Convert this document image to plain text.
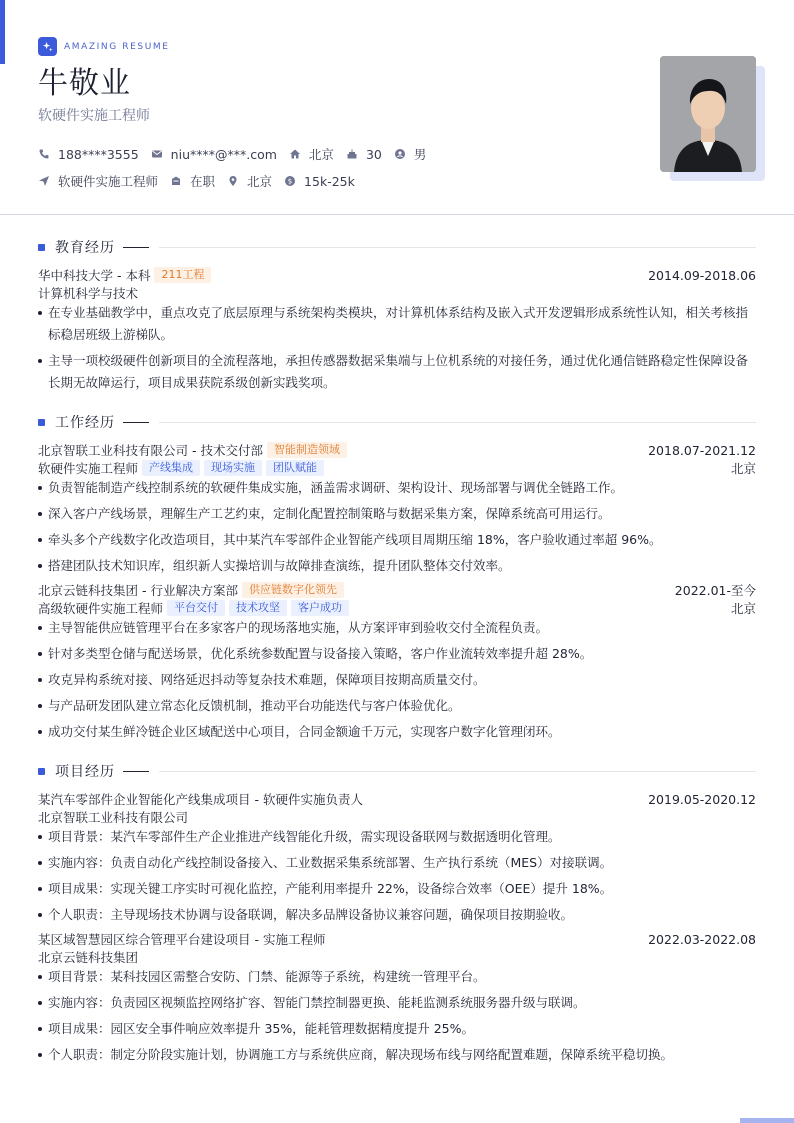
AMAZING RESUME
牛敬业
软硬件实施工程师
188****3555	niu****@***.com	北京	30	男
软硬件实施工程师	在职	北京 $ 15k-25k
教育经历
华中科技大学 - 本科	211工程	2014.09-2018.06
计算机科学与技术
在专业基础教学中，重点攻克了底层原理与系统架构类模块，对计算机体系结构及嵌入式开发逻辑形成系统性认知，相关考核指标稳居班级上游梯队。
主导一项校级硬件创新项目的全流程落地，承担传感器数据采集端与上位机系统的对接任务，通过优化通信链路稳定性保障设备长期无故障运行，项目成果获院系级创新实践奖项。
工作经历
北京智联工业科技有限公司 - 技术交付部	智能制造领域	2018.07-2021.12
软硬件实施工程师	产线集成	现场实施	团队赋能	北京
负责智能制造产线控制系统的软硬件集成实施，涵盖需求调研、架构设计、现场部署与调优全链路工作。
深入客户产线场景，理解生产工艺约束，定制化配置控制策略与数据采集方案，保障系统高可用运行。
牵头多个产线数字化改造项目，其中某汽车零部件企业智能产线项目周期压缩 18%，客户验收通过率超 96%。
搭建团队技术知识库，组织新人实操培训与故障排查演练，提升团队整体交付效率。
北京云链科技集团 - 行业解决方案部	供应链数字化领先	2022.01-至今
高级软硬件实施工程师	平台交付	技术攻坚	客户成功	北京
主导智能供应链管理平台在多家客户的现场落地实施，从方案评审到验收交付全流程负责。
针对多类型仓储与配送场景，优化系统参数配置与设备接入策略，客户作业流转效率提升超 28%。
攻克异构系统对接、网络延迟抖动等复杂技术难题，保障项目按期高质量交付。
与产品研发团队建立常态化反馈机制，推动平台功能迭代与客户体验优化。
成功交付某生鲜冷链企业区域配送中心项目，合同金额逾千万元，实现客户数字化管理闭环。
项目经历
某汽车零部件企业智能化产线集成项目 - 软硬件实施负责人	2019.05-2020.12
北京智联工业科技有限公司
项目背景：某汽车零部件生产企业推进产线智能化升级，需实现设备联网与数据透明化管理。
实施内容：负责自动化产线控制设备接入、工业数据采集系统部署、生产执行系统（MES）对接联调。
项目成果：实现关键工序实时可视化监控，产能利用率提升 22%，设备综合效率（OEE）提升 18%。
个人职责：主导现场技术协调与设备联调，解决多品牌设备协议兼容问题，确保项目按期验收。
某区域智慧园区综合管理平台建设项目 - 实施工程师	2022.03-2022.08
北京云链科技集团
项目背景：某科技园区需整合安防、门禁、能源等子系统，构建统一管理平台。
实施内容：负责园区视频监控网络扩容、智能门禁控制器更换、能耗监测系统服务器升级与联调。
项目成果：园区安全事件响应效率提升 35%，能耗管理数据精度提升 25%。
个人职责：制定分阶段实施计划，协调施工方与系统供应商，解决现场布线与网络配置难题，保障系统平稳切换。
